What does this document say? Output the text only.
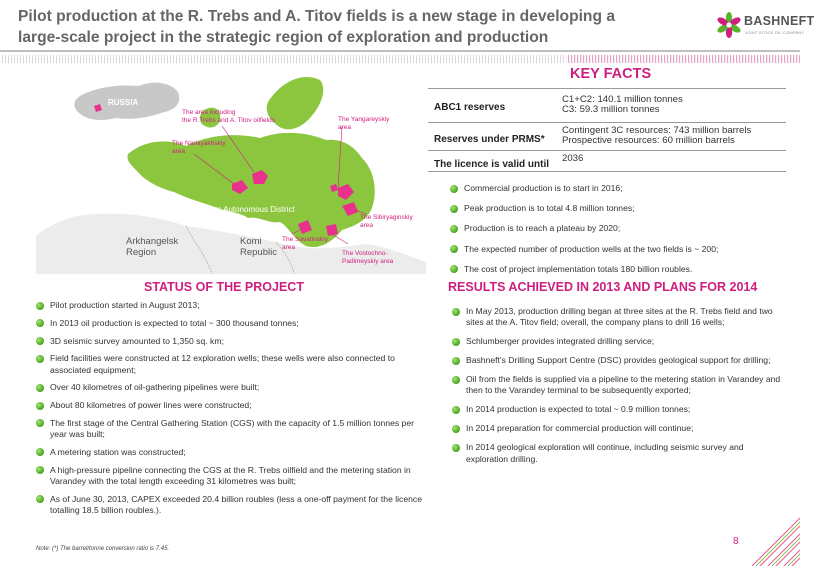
Pilot production at the R. Trebs and A. Titov fields is a new stage in developing a
large-scale project in the strategic region of exploration and production
BASHNEFT
JOINT STOCK OIL COMPANY
RUSSIA
The area including
the R.Trebs and A. Titov oilfields
The Nariayakhskiy
area
The Yangareyskiy
area
Nenets Autonomous District
The Sibiryaginskiy
area
The Savatinskiy
area
The Vostochno-
Padimeyskiy area
Arkhangelsk
Region
Komi
Republic
KEY FACTS
ABC1 reserves
C1+C2: 140.1 million tonnes
C3: 59.3 million tonnes
Reserves under PRMS*
Contingent 3C resources: 743 million barrels
Prospective resources: 60 million barrels
The licence is valid until
2036
Commercial production is to start in 2016;
Peak production is to total 4.8 million tonnes;
Production is to reach a plateau by 2020;
The expected number of production wells at the two fields is ~ 200;
The cost of project implementation totals 180 billion roubles.
STATUS OF THE PROJECT
Pilot production started in August 2013;
In 2013 oil production is expected to total ~ 300 thousand tonnes;
3D seismic survey amounted to 1,350 sq. km;
Field facilities were constructed at 12 exploration wells; these wells were also connected to associated equipment;
Over 40 kilometres of oil-gathering pipelines were built;
About 80 kilometres of power lines were constructed;
The first stage of the Central Gathering Station (CGS) with the capacity of 1.5 million tonnes per year was built;
A metering station was constructed;
A high-pressure pipeline connecting the CGS at the R. Trebs oilfield and the metering station in Varandey with the total length exceeding 31 kilometres was built;
As of June 30, 2013, CAPEX exceeded 20.4 billion roubles (less a one-off payment for the licence totalling 18.5 billion roubles.).
RESULTS ACHIEVED IN 2013 AND PLANS FOR 2014
In May 2013, production drilling began at three sites at the R. Trebs field and two sites at the A. Titov field; overall, the company plans to drill 16 wells;
Schlumberger provides integrated drilling service;
Bashneft's Drilling Support Centre (DSC) provides geological support for drilling;
Oil from the fields is supplied via a pipeline to the metering station in Varandey and then to the Varandey terminal to be subsequently exported;
In 2014 production is expected to total ~ 0.9 million tonnes;
In 2014 preparation for commercial production will continue;
In 2014 geological exploration will continue, including seismic survey and exploration drilling.
Note: (*) The barrel/tonne conversion ratio is 7.45.
8
